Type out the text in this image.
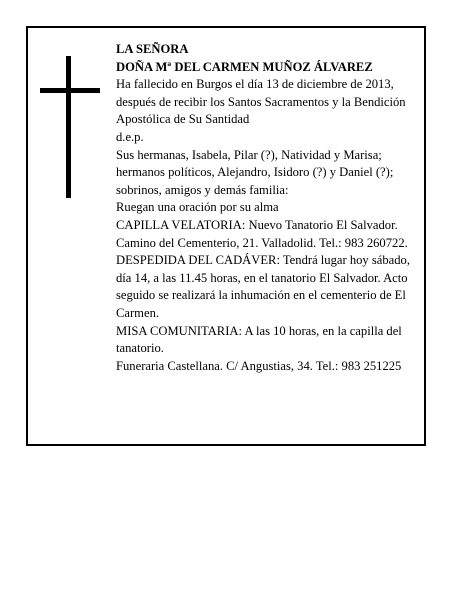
LA SEÑORA

DOÑA Mª DEL CARMEN MUÑOZ ÁLVAREZ

Ha fallecido en Burgos el día 13 de diciembre de 2013, después de recibir los Santos Sacramentos y la Bendición Apostólica de Su Santidad

d.e.p.

Sus hermanas, Isabela, Pilar (?), Natividad y Marisa; hermanos políticos, Alejandro, Isidoro (?) y Daniel (?); sobrinos, amigos y demás familia:

Ruegan una oración por su alma

CAPILLA VELATORIA: Nuevo Tanatorio El Salvador. Camino del Cementerio, 21. Valladolid. Tel.: 983 260722.

DESPEDIDA DEL CADÁVER: Tendrá lugar hoy sábado, día 14, a las 11.45 horas, en el tanatorio El Salvador. Acto seguido se realizará la inhumación en el cementerio de El Carmen.

MISA COMUNITARIA: A las 10 horas, en la capilla del tanatorio.

Funeraria Castellana. C/ Angustias, 34. Tel.: 983 251225
